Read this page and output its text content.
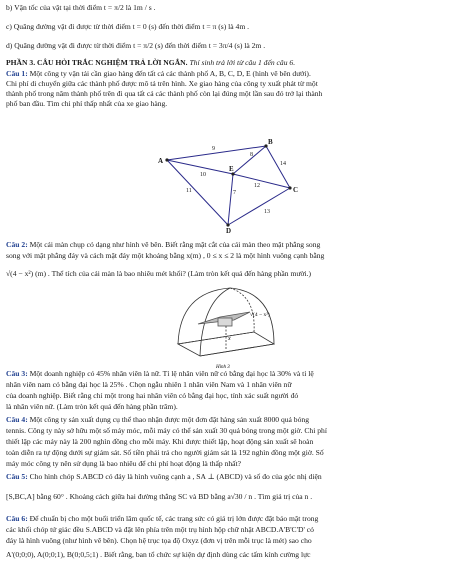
b) Vận tốc của vật tại thời điểm t = π/2 là 1m / s .
c) Quãng đường vật đi được từ thời điểm t = 0 (s) đến thời điểm t = π (s) là 4m .
d) Quãng đường vật đi được từ thời điểm t = π/2 (s) đến thời điểm t = 3π/4 (s) là 2m .
PHẦN 3. CÂU HỎI TRẮC NGHIỆM TRẢ LỜI NGẮN. Thí sinh trả lời từ câu 1 đến câu 6.
Câu 1: Một công ty vận tải cần giao hàng đến tất cả các thành phố A, B, C, D, E (hình vẽ bên dưới).
Chi phí di chuyển giữa các thành phố được mô tả trên hình. Xe giao hàng của công ty xuất phát từ một
thành phố trong năm thành phố trên đi qua tất cả các thành phố còn lại đúng một lần sau đó trở lại thành
phố ban đầu. Tìm chi phí thấp nhất của xe giao hàng.
A
B
C
D
E
9
8
14
10
12
11	7
13
Câu 2: Một cái màn chụp có dạng như hình vẽ bên. Biết rằng mặt cắt của cái màn theo mặt phẳng song
song với mặt phẳng đáy và cách mặt đáy một khoảng bằng x(m) , 0 ≤ x ≤ 2 là một hình vuông cạnh bằng
√(4 − x²) (m) . Thể tích của cái màn là bao nhiêu mét khối? (Làm tròn kết quả đến hàng phần mười.)
√(4 − x²)
x
Hình 3
Câu 3: Một doanh nghiệp có 45% nhân viên là nữ. Tỉ lệ nhân viên nữ có bằng đại học là 30% và tỉ lệ
nhân viên nam có bằng đại học là 25% . Chọn ngẫu nhiên 1 nhân viên Nam và 1 nhân viên nữ
của doanh nghiệp. Biết rằng chỉ một trong hai nhân viên có bằng đại học, tính xác suất người đó
là nhân viên nữ. (Làm tròn kết quả đến hàng phần trăm).
Câu 4: Một công ty sản xuất dụng cụ thể thao nhận được một đơn đặt hàng sản xuất 8000 quả bóng
tennis. Công ty này sở hữu một số máy móc, mỗi máy có thể sản xuất 30 quả bóng trong một giờ. Chi phí
thiết lập các máy này là 200 nghìn đồng cho mỗi máy. Khi được thiết lập, hoạt động sản xuất sẽ hoàn
toàn diễn ra tự động dưới sự giám sát. Số tiền phải trả cho người giám sát là 192 nghìn đồng một giờ. Số
máy móc công ty nên sử dụng là bao nhiêu để chi phí hoạt động là thấp nhất?
Câu 5: Cho hình chóp S.ABCD có đáy là hình vuông cạnh a , SA ⊥ (ABCD) và số đo của góc nhị diện
[S,BC,A] bằng 60° . Khoảng cách giữa hai đường thẳng SC và BD bằng a√30 / n . Tìm giá trị của n .
Câu 6: Để chuẩn bị cho một buổi triển lãm quốc tế, các trang sức có giá trị lớn được đặt bảo mật trong
các khối chóp tứ giác đều S.ABCD và đặt lên phía trên một trụ hình hộp chữ nhật ABCD.A'B'C'D' có
đáy là hình vuông (như hình vẽ bên). Chọn hệ trục tọa độ Oxyz (đơn vị trên mỗi trục là mét) sao cho
A'(0;0;0), A(0;0;1), B(0;0,5;1) . Biết rằng, ban tổ chức sự kiện dự định dùng các tấm kính cường lực
